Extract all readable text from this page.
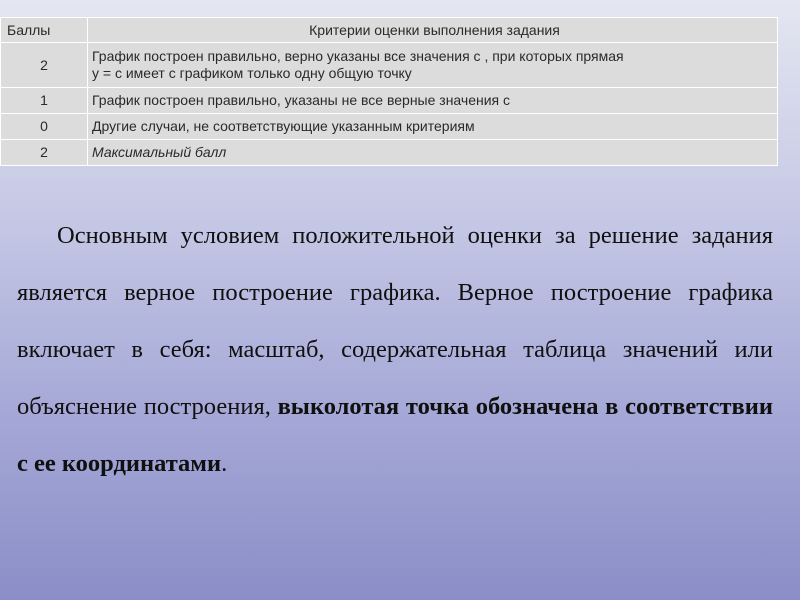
Баллы	Критерии оценки выполнения задания
2	График построен правильно, верно указаны все значения с , при которых прямая
у = с имеет с графиком только одну общую точку

1	График построен правильно, указаны не все верные значения с
0	Другие случаи, не соответствующие указанным критериям
2	Максимальный балл
Основным условием положительной оценки за решение задания является верное построение графика. Верное построение графика включает в себя: масштаб, содержательная таблица значений или объяснение построения, выколотая точка обозначена в соответствии с ее координатами.
